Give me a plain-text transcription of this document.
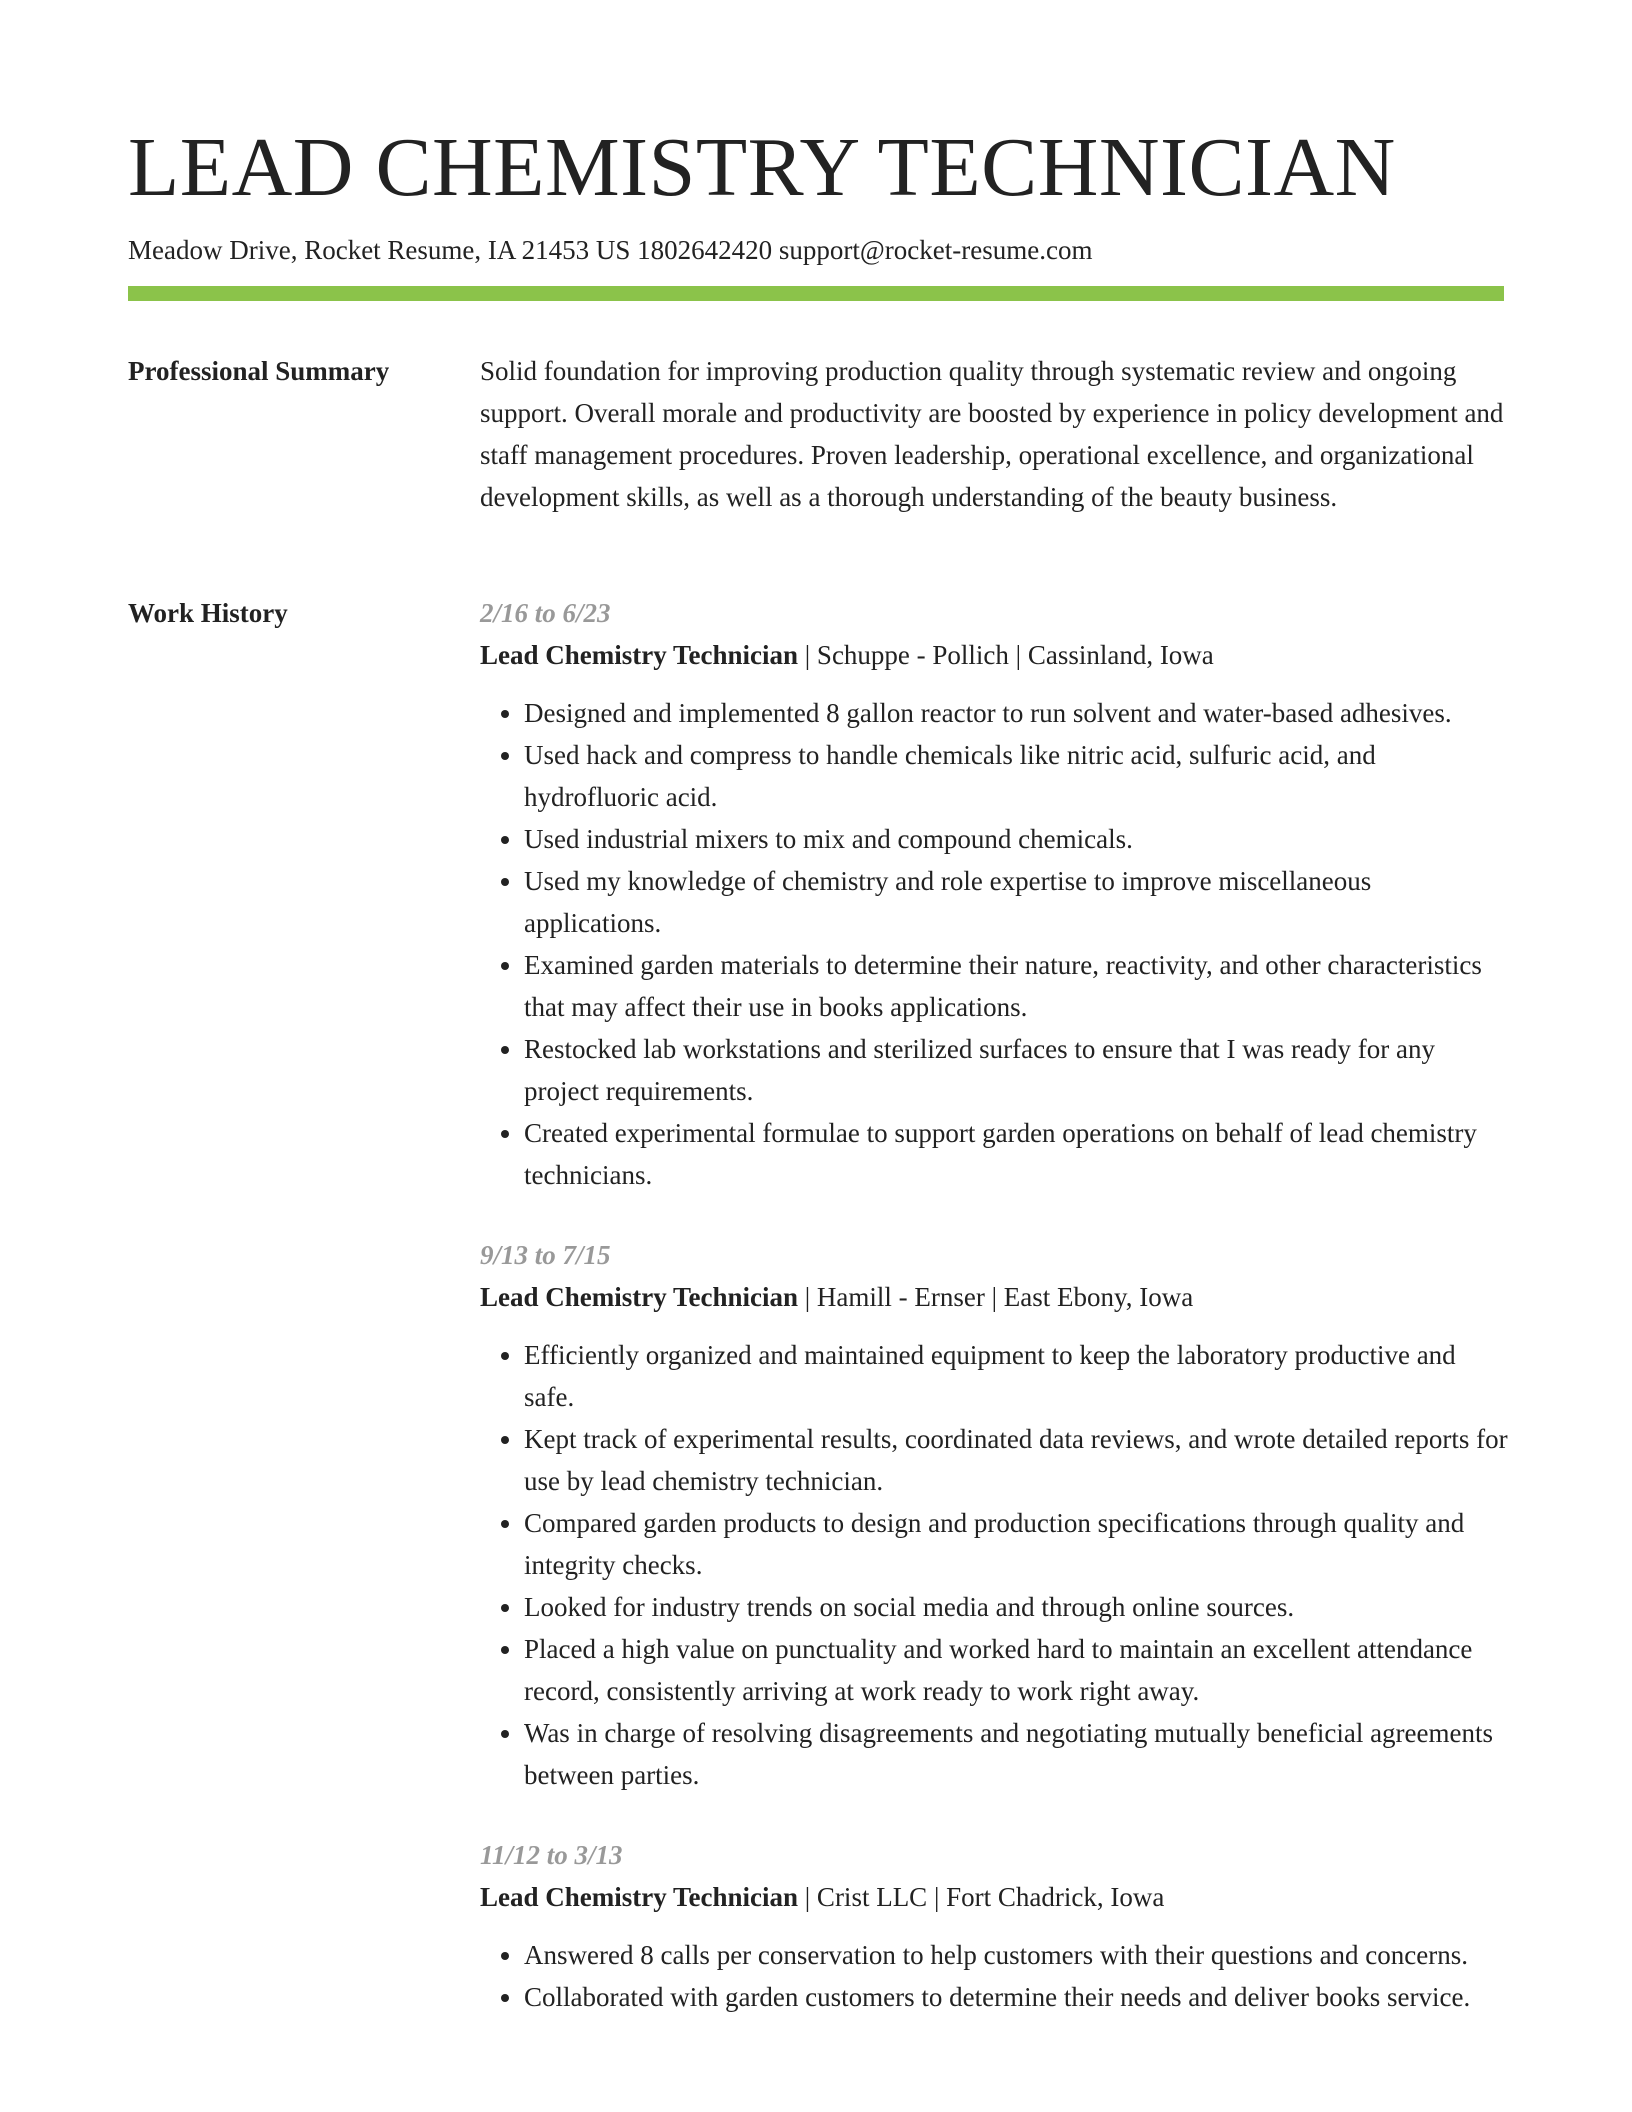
LEAD CHEMISTRY TECHNICIAN
Meadow Drive, Rocket Resume, IA 21453 US 1802642420 support@rocket-resume.com
Professional Summary	Solid foundation for improving production quality through systematic review and ongoing support. Overall morale and productivity are boosted by experience in policy development and staff management procedures. Proven leadership, operational excellence, and organizational development skills, as well as a thorough understanding of the beauty business.

Work History	2/16 to 6/23
Lead Chemistry Technician | Schuppe - Pollich | Cassinland, Iowa
• Designed and implemented 8 gallon reactor to run solvent and water-based adhesives.
• Used hack and compress to handle chemicals like nitric acid, sulfuric acid, and hydrofluoric acid.
• Used industrial mixers to mix and compound chemicals.
• Used my knowledge of chemistry and role expertise to improve miscellaneous applications.
• Examined garden materials to determine their nature, reactivity, and other characteristics that may affect their use in books applications.
• Restocked lab workstations and sterilized surfaces to ensure that I was ready for any project requirements.
• Created experimental formulae to support garden operations on behalf of lead chemistry technicians.
9/13 to 7/15
Lead Chemistry Technician | Hamill - Ernser | East Ebony, Iowa
• Efficiently organized and maintained equipment to keep the laboratory productive and safe.
• Kept track of experimental results, coordinated data reviews, and wrote detailed reports for use by lead chemistry technician.
• Compared garden products to design and production specifications through quality and integrity checks.
• Looked for industry trends on social media and through online sources.
• Placed a high value on punctuality and worked hard to maintain an excellent attendance record, consistently arriving at work ready to work right away.
• Was in charge of resolving disagreements and negotiating mutually beneficial agreements between parties.
11/12 to 3/13
Lead Chemistry Technician | Crist LLC | Fort Chadrick, Iowa
• Answered 8 calls per conservation to help customers with their questions and concerns.
• Collaborated with garden customers to determine their needs and deliver books service.
